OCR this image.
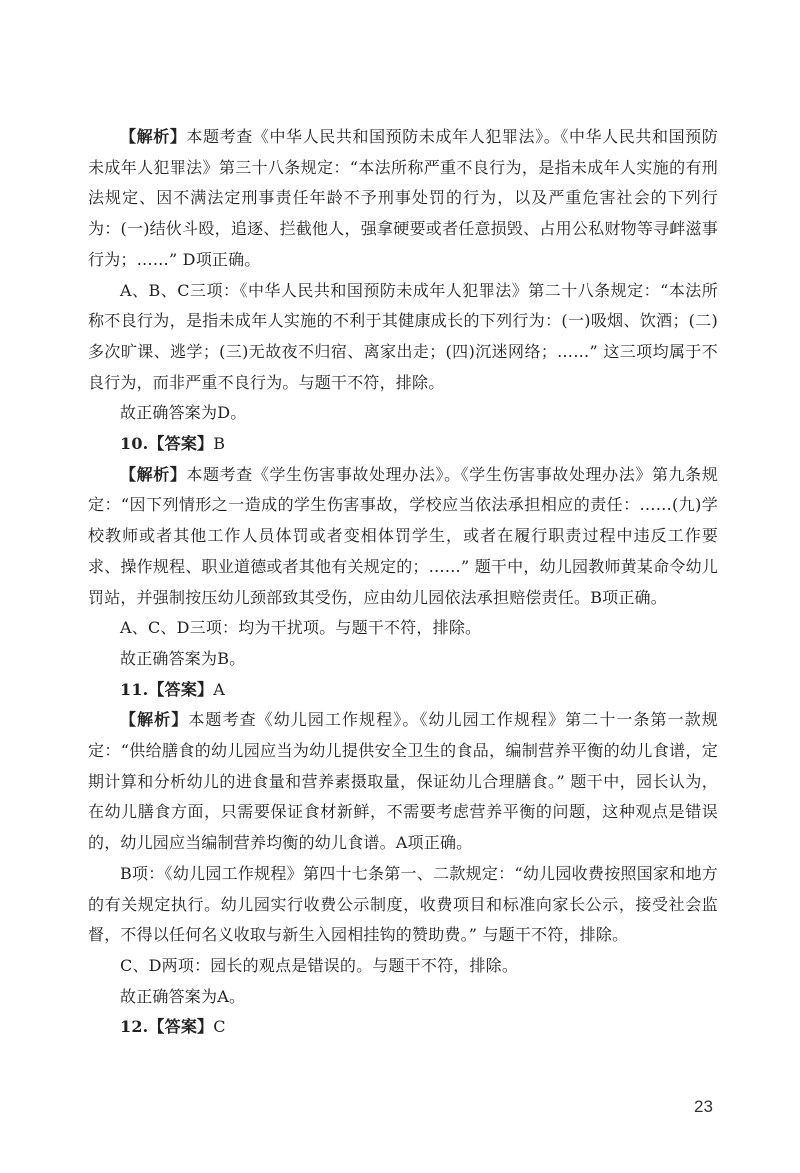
【解析】本题考查《中华人民共和国预防未成年人犯罪法》。《中华人民共和国预防未成年人犯罪法》第三十八条规定：“本法所称严重不良行为，是指未成年人实施的有刑法规定、因不满法定刑事责任年龄不予刑事处罚的行为，以及严重危害社会的下列行为：(一)结伙斗殴，追逐、拦截他人，强拿硬要或者任意损毁、占用公私财物等寻衅滋事行为；……” D项正确。

A、B、C三项：《中华人民共和国预防未成年人犯罪法》第二十八条规定：“本法所称不良行为，是指未成年人实施的不利于其健康成长的下列行为：(一)吸烟、饮酒；(二)多次旷课、逃学；(三)无故夜不归宿、离家出走；(四)沉迷网络；……” 这三项均属于不良行为，而非严重不良行为。与题干不符，排除。

故正确答案为D。

10.【答案】B

【解析】本题考查《学生伤害事故处理办法》。《学生伤害事故处理办法》第九条规定：“因下列情形之一造成的学生伤害事故，学校应当依法承担相应的责任：……(九)学校教师或者其他工作人员体罚或者变相体罚学生，或者在履行职责过程中违反工作要求、操作规程、职业道德或者其他有关规定的；……” 题干中，幼儿园教师黄某命令幼儿罚站，并强制按压幼儿颈部致其受伤，应由幼儿园依法承担赔偿责任。B项正确。

A、C、D三项：均为干扰项。与题干不符，排除。

故正确答案为B。

11.【答案】A

【解析】本题考查《幼儿园工作规程》。《幼儿园工作规程》第二十一条第一款规定：“供给膳食的幼儿园应当为幼儿提供安全卫生的食品，编制营养平衡的幼儿食谱，定期计算和分析幼儿的进食量和营养素摄取量，保证幼儿合理膳食。” 题干中，园长认为，在幼儿膳食方面，只需要保证食材新鲜，不需要考虑营养平衡的问题，这种观点是错误的，幼儿园应当编制营养均衡的幼儿食谱。A项正确。

B项：《幼儿园工作规程》第四十七条第一、二款规定：“幼儿园收费按照国家和地方的有关规定执行。幼儿园实行收费公示制度，收费项目和标准向家长公示，接受社会监督，不得以任何名义收取与新生入园相挂钩的赞助费。” 与题干不符，排除。

C、D两项：园长的观点是错误的。与题干不符，排除。

故正确答案为A。

12.【答案】C

23
